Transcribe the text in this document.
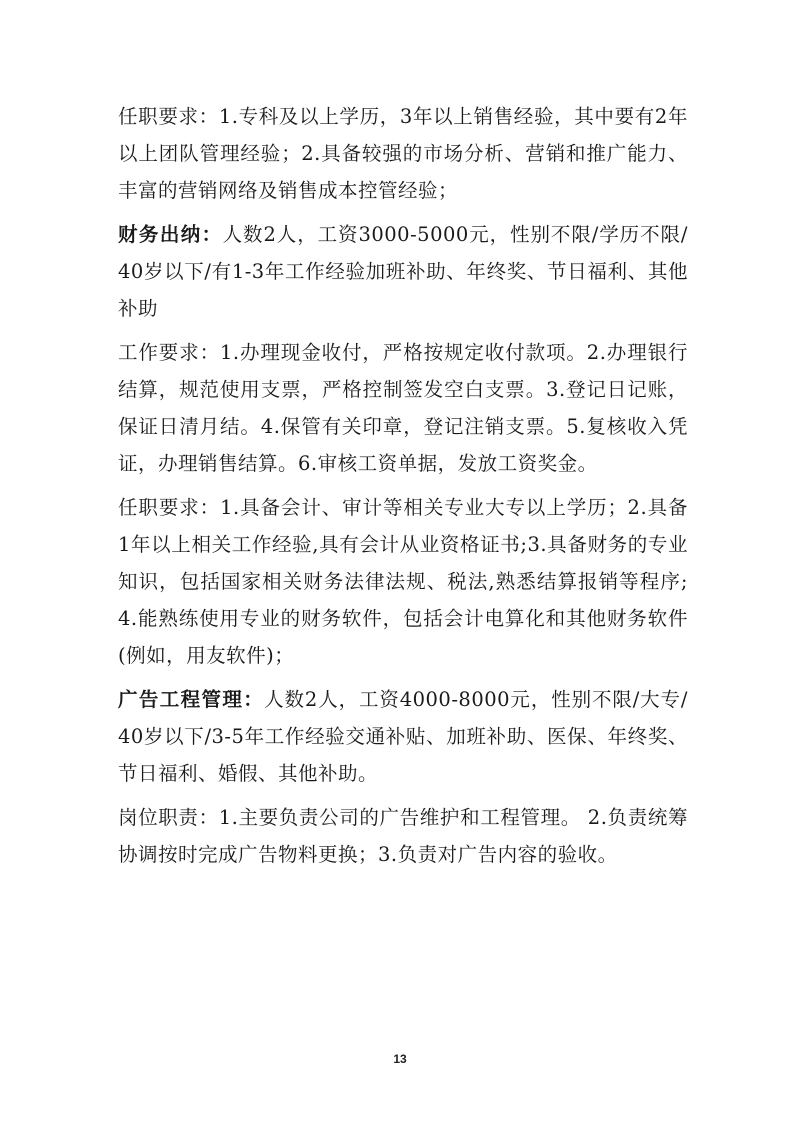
任职要求：1.专科及以上学历，3年以上销售经验，其中要有2年以上团队管理经验；2.具备较强的市场分析、营销和推广能力、丰富的营销网络及销售成本控管经验；

财务出纳：人数2人，工资3000-5000元，性别不限/学历不限/40岁以下/有1-3年工作经验加班补助、年终奖、节日福利、其他补助

工作要求：1.办理现金收付，严格按规定收付款项。2.办理银行结算，规范使用支票，严格控制签发空白支票。3.登记日记账，保证日清月结。4.保管有关印章，登记注销支票。5.复核收入凭证，办理销售结算。6.审核工资单据，发放工资奖金。

任职要求：1.具备会计、审计等相关专业大专以上学历；2.具备1年以上相关工作经验,具有会计从业资格证书;3.具备财务的专业知识，包括国家相关财务法律法规、税法,熟悉结算报销等程序;4.能熟练使用专业的财务软件，包括会计电算化和其他财务软件(例如，用友软件)；

广告工程管理：人数2人，工资4000-8000元，性别不限/大专/40岁以下/3-5年工作经验交通补贴、加班补助、医保、年终奖、节日福利、婚假、其他补助。

岗位职责：1.主要负责公司的广告维护和工程管理。 2.负责统筹协调按时完成广告物料更换；3.负责对广告内容的验收。

13
